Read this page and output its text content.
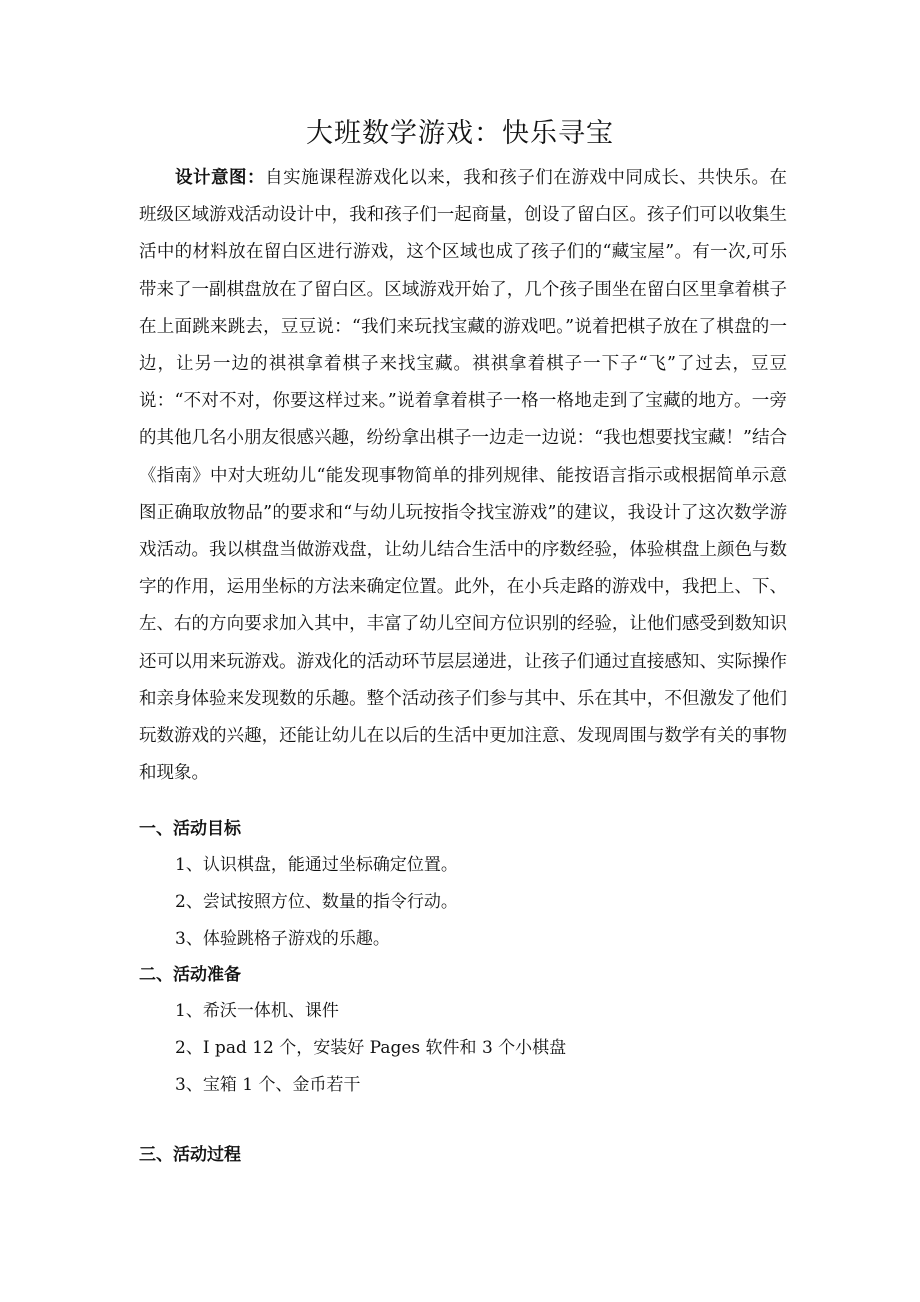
大班数学游戏：快乐寻宝

设计意图：自实施课程游戏化以来，我和孩子们在游戏中同成长、共快乐。在班级区域游戏活动设计中，我和孩子们一起商量，创设了留白区。孩子们可以收集生活中的材料放在留白区进行游戏，这个区域也成了孩子们的“藏宝屋”。有一次,可乐带来了一副棋盘放在了留白区。区域游戏开始了，几个孩子围坐在留白区里拿着棋子在上面跳来跳去，豆豆说：“我们来玩找宝藏的游戏吧。”说着把棋子放在了棋盘的一边，让另一边的祺祺拿着棋子来找宝藏。祺祺拿着棋子一下子“飞”了过去，豆豆说：“不对不对，你要这样过来。”说着拿着棋子一格一格地走到了宝藏的地方。一旁的其他几名小朋友很感兴趣，纷纷拿出棋子一边走一边说：“我也想要找宝藏！”结合《指南》中对大班幼儿“能发现事物简单的排列规律、能按语言指示或根据简单示意图正确取放物品”的要求和“与幼儿玩按指令找宝游戏”的建议，我设计了这次数学游戏活动。我以棋盘当做游戏盘，让幼儿结合生活中的序数经验，体验棋盘上颜色与数字的作用，运用坐标的方法来确定位置。此外，在小兵走路的游戏中，我把上、下、左、右的方向要求加入其中，丰富了幼儿空间方位识别的经验，让他们感受到数知识还可以用来玩游戏。游戏化的活动环节层层递进，让孩子们通过直接感知、实际操作和亲身体验来发现数的乐趣。整个活动孩子们参与其中、乐在其中，不但激发了他们玩数游戏的兴趣，还能让幼儿在以后的生活中更加注意、发现周围与数学有关的事物和现象。

一、活动目标

1、认识棋盘，能通过坐标确定位置。

2、尝试按照方位、数量的指令行动。

3、体验跳格子游戏的乐趣。

二、活动准备

1、希沃一体机、课件

2、I pad 12 个，安装好 Pages 软件和 3 个小棋盘

3、宝箱 1 个、金币若干

三、活动过程
